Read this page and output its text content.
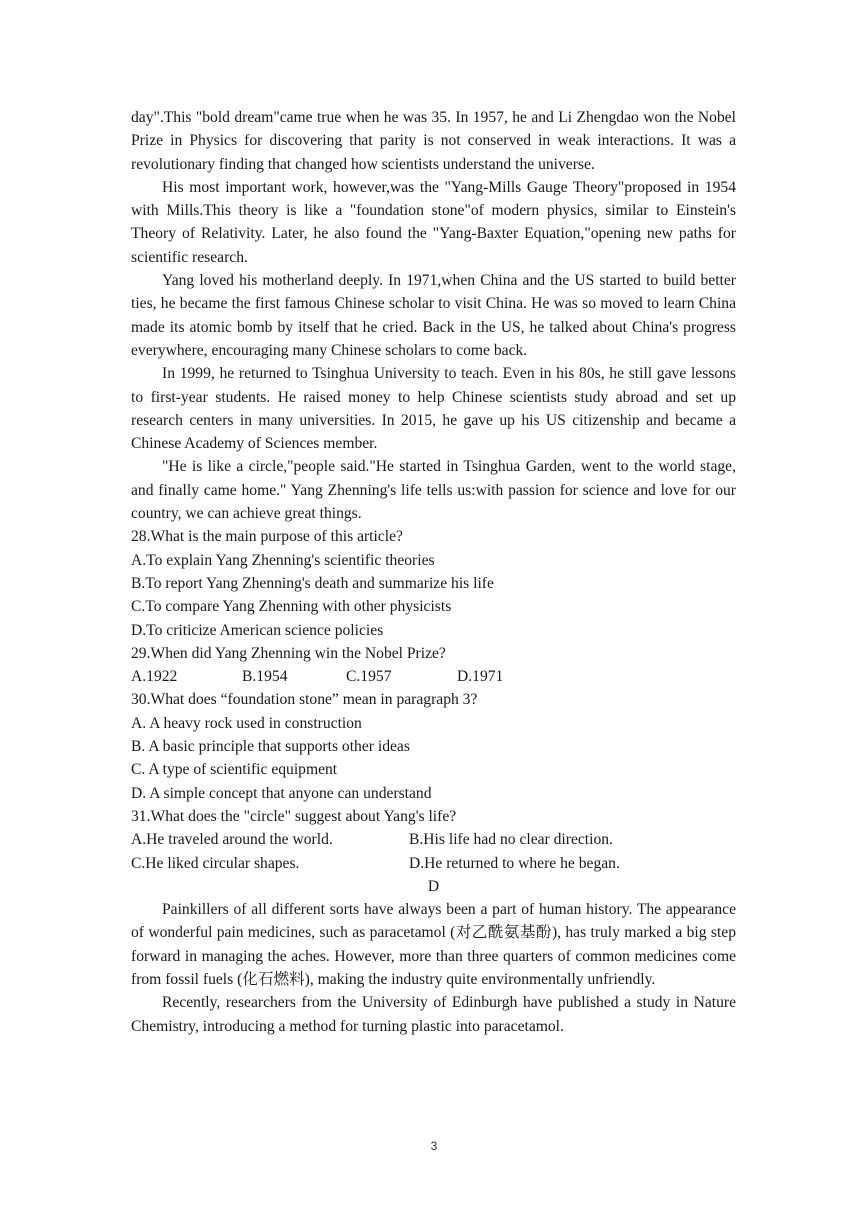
day".This "bold dream"came true when he was 35. In 1957, he and Li Zhengdao won the Nobel Prize in Physics for discovering that parity is not conserved in weak interactions. It was a revolutionary finding that changed how scientists understand the universe.

His most important work, however,was the "Yang-Mills Gauge Theory"proposed in 1954 with Mills.This theory is like a "foundation stone"of modern physics, similar to Einstein's Theory of Relativity. Later, he also found the "Yang-Baxter Equation,"opening new paths for scientific research.

Yang loved his motherland deeply. In 1971,when China and the US started to build better ties, he became the first famous Chinese scholar to visit China. He was so moved to learn China made its atomic bomb by itself that he cried. Back in the US, he talked about China's progress everywhere, encouraging many Chinese scholars to come back.

In 1999, he returned to Tsinghua University to teach. Even in his 80s, he still gave lessons to first-year students. He raised money to help Chinese scientists study abroad and set up research centers in many universities. In 2015, he gave up his US citizenship and became a Chinese Academy of Sciences member.

"He is like a circle,"people said."He started in Tsinghua Garden, went to the world stage, and finally came home." Yang Zhenning's life tells us:with passion for science and love for our country, we can achieve great things.

28.What is the main purpose of this article?
A.To explain Yang Zhenning's scientific theories
B.To report Yang Zhenning's death and summarize his life
C.To compare Yang Zhenning with other physicists
D.To criticize American science policies
29.When did Yang Zhenning win the Nobel Prize?
A.1922	B.1954	C.1957	D.1971
30.What does “foundation stone” mean in paragraph 3?
A. A heavy rock used in construction
B. A basic principle that supports other ideas
C. A type of scientific equipment
D. A simple concept that anyone can understand
31.What does the "circle" suggest about Yang's life?
A.He traveled around the world.	B.His life had no clear direction.
C.He liked circular shapes.	D.He returned to where he began.
D

Painkillers of all different sorts have always been a part of human history. The appearance of wonderful pain medicines, such as paracetamol (对乙酰氨基酚), has truly marked a big step forward in managing the aches. However, more than three quarters of common medicines come from fossil fuels (化石燃料), making the industry quite environmentally unfriendly.

Recently, researchers from the University of Edinburgh have published a study in Nature Chemistry, introducing a method for turning plastic into paracetamol.

3
